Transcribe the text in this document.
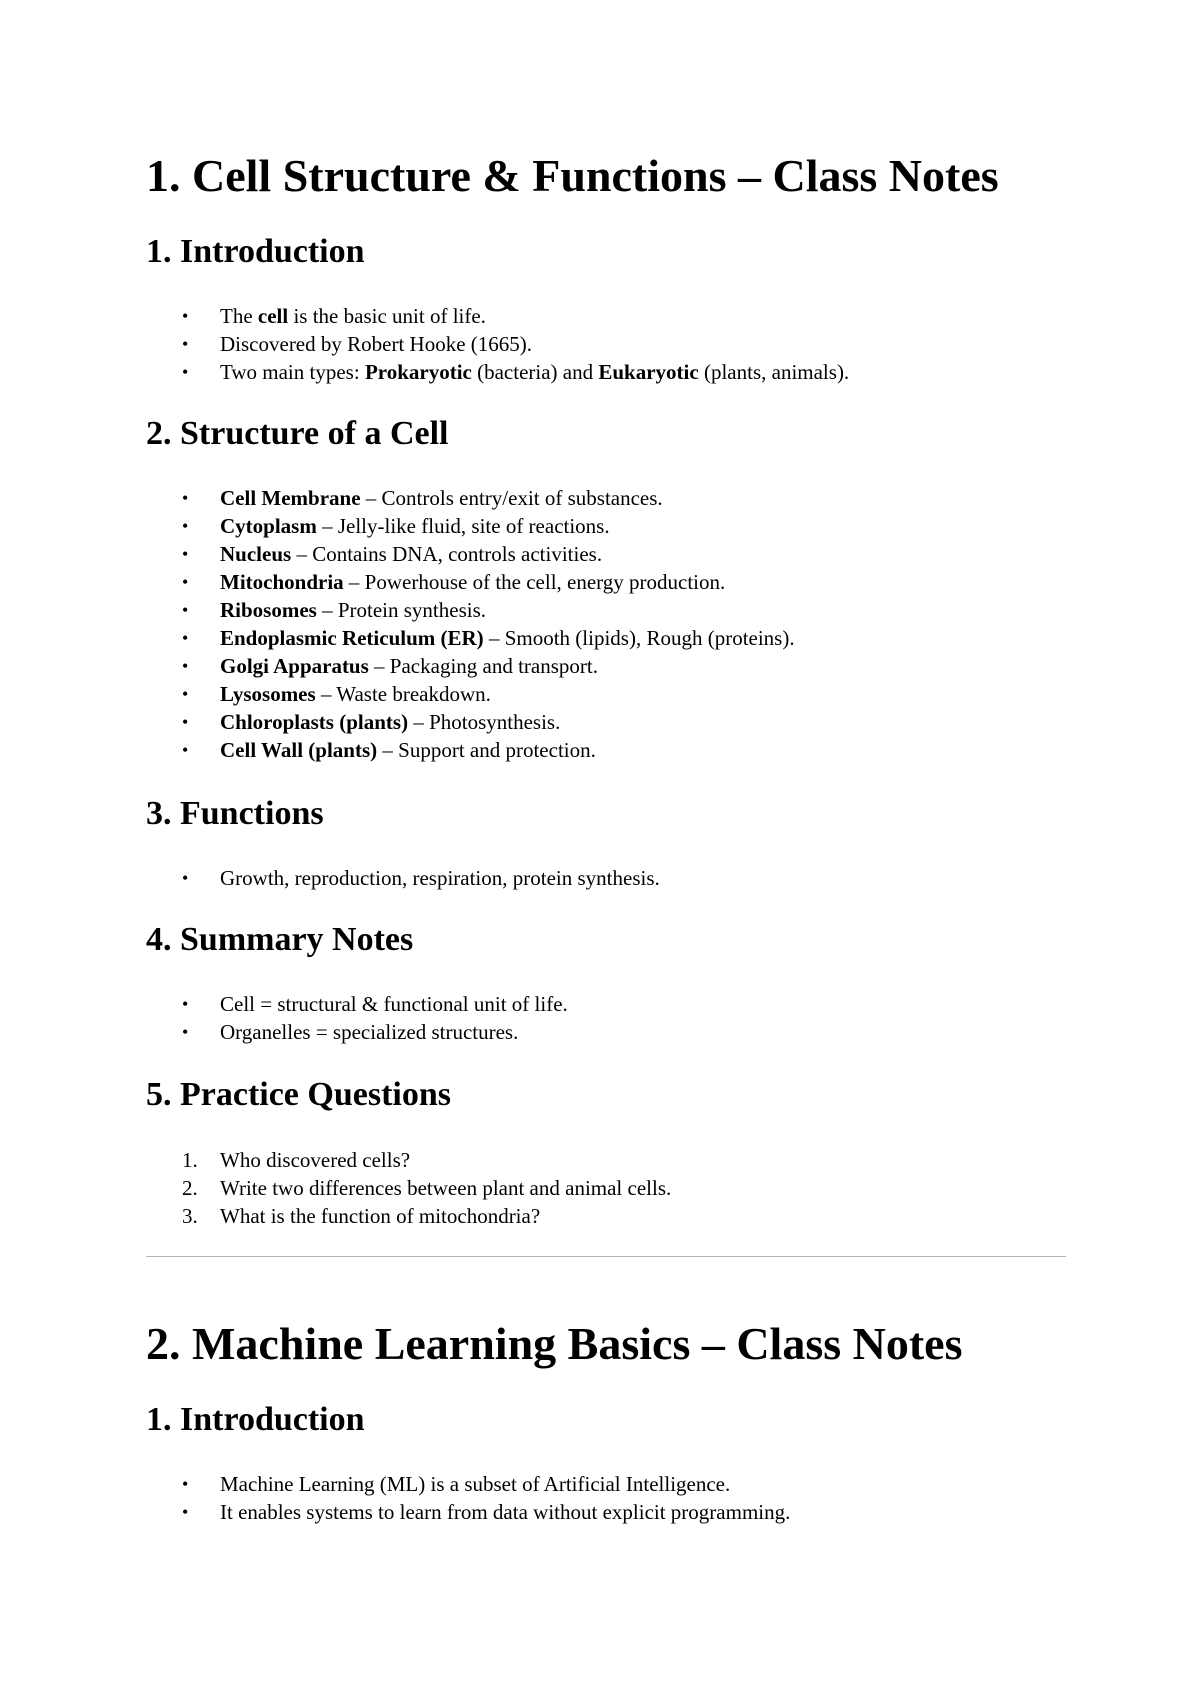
1. Cell Structure & Functions – Class Notes
1. Introduction
• The cell is the basic unit of life.
• Discovered by Robert Hooke (1665).
• Two main types: Prokaryotic (bacteria) and Eukaryotic (plants, animals).
2. Structure of a Cell
• Cell Membrane – Controls entry/exit of substances.
• Cytoplasm – Jelly-like fluid, site of reactions.
• Nucleus – Contains DNA, controls activities.
• Mitochondria – Powerhouse of the cell, energy production.
• Ribosomes – Protein synthesis.
• Endoplasmic Reticulum (ER) – Smooth (lipids), Rough (proteins).
• Golgi Apparatus – Packaging and transport.
• Lysosomes – Waste breakdown.
• Chloroplasts (plants) – Photosynthesis.
• Cell Wall (plants) – Support and protection.
3. Functions
• Growth, reproduction, respiration, protein synthesis.
4. Summary Notes
• Cell = structural & functional unit of life.
• Organelles = specialized structures.
5. Practice Questions
1. Who discovered cells?
2. Write two differences between plant and animal cells.
3. What is the function of mitochondria?
2. Machine Learning Basics – Class Notes
1. Introduction
• Machine Learning (ML) is a subset of Artificial Intelligence.
• It enables systems to learn from data without explicit programming.
